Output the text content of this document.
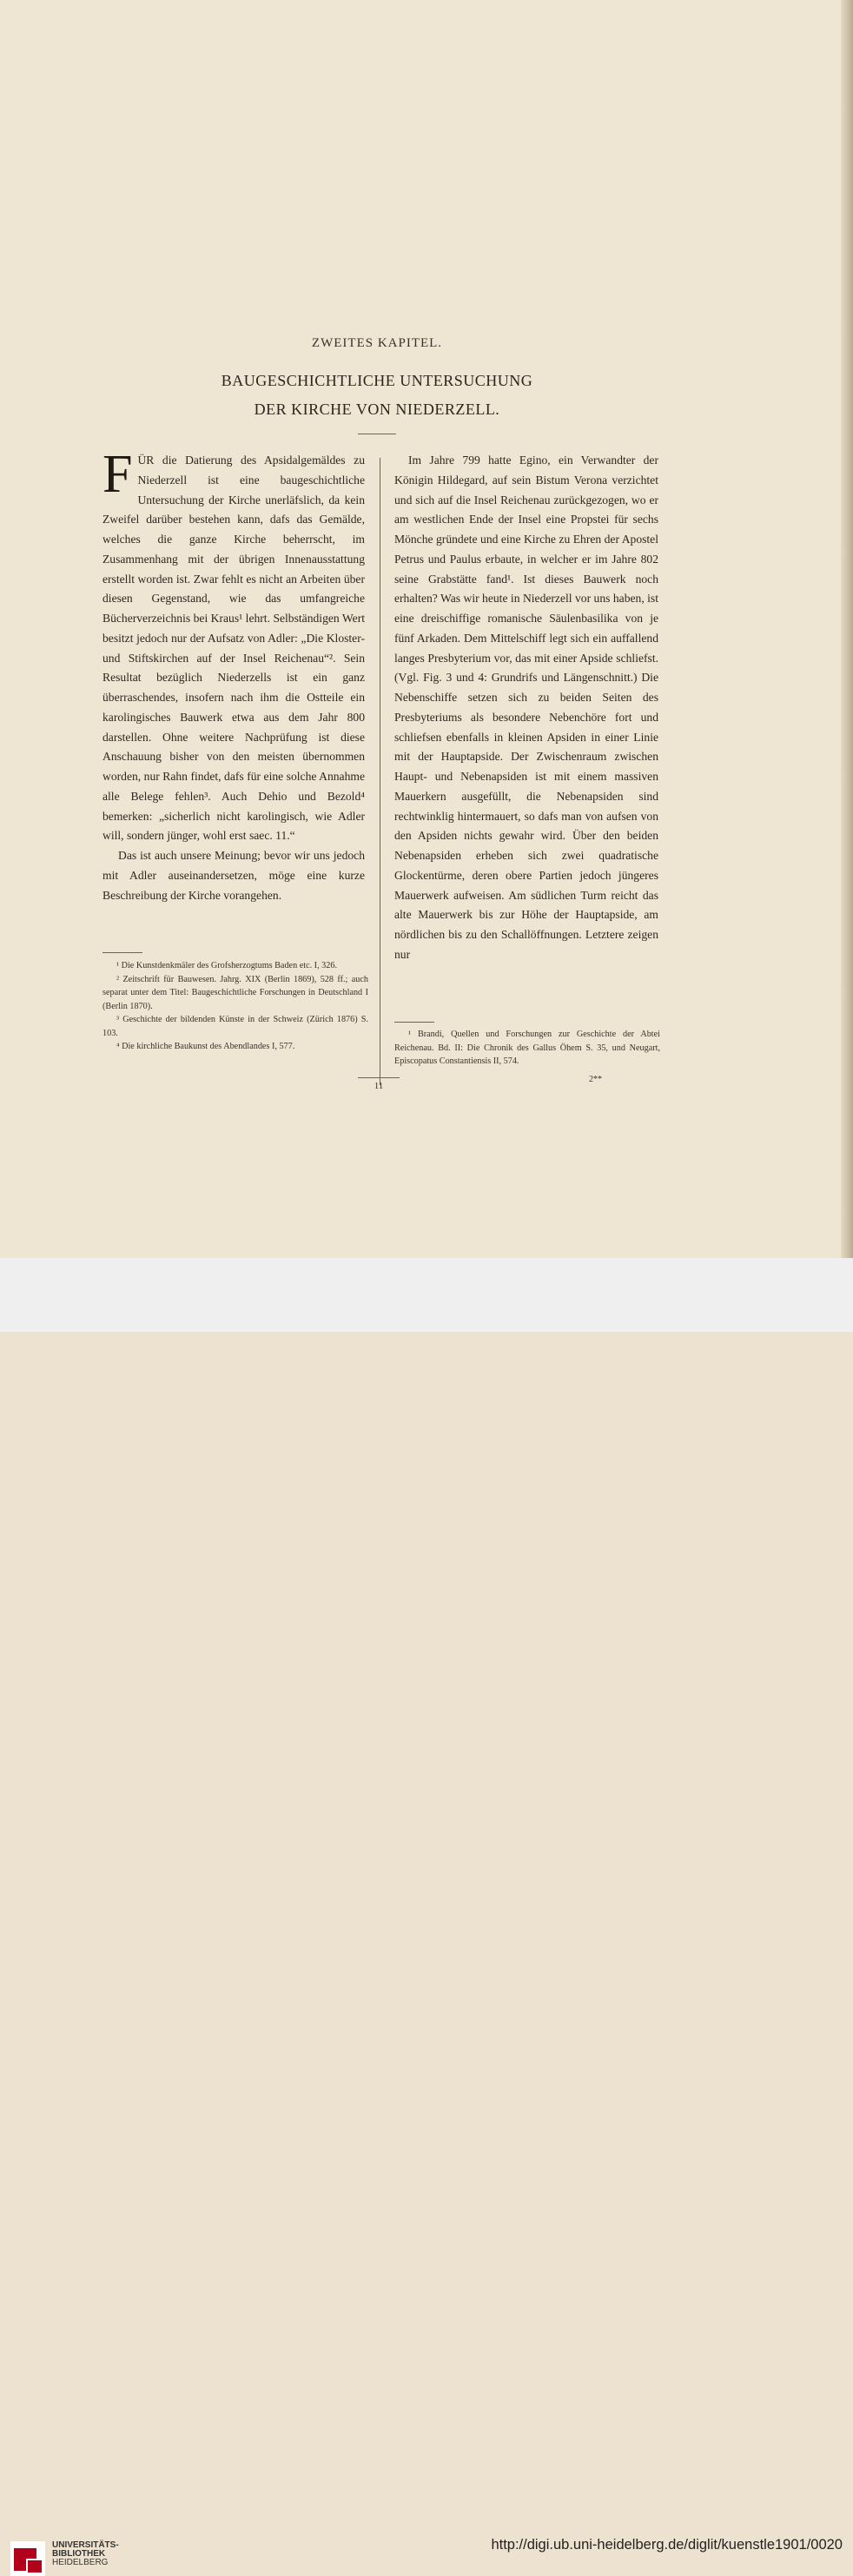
ZWEITES KAPITEL.
BAUGESCHICHTLICHE UNTERSUCHUNG
DER KIRCHE VON NIEDERZELL.
F ÜR die Datierung des Apsidalgemäldes zu Niederzell ist eine baugeschichtliche Untersuchung der Kirche unerläfslich, da kein Zweifel darüber bestehen kann, dafs das Gemälde, welches die ganze Kirche beherrscht, im Zusammenhang mit der übrigen Innenausstattung erstellt worden ist. Zwar fehlt es nicht an Arbeiten über diesen Gegenstand, wie das umfangreiche Bücherverzeichnis bei Kraus¹ lehrt. Selbständigen Wert besitzt jedoch nur der Aufsatz von Adler: „Die Kloster- und Stiftskirchen auf der Insel Reichenau“². Sein Resultat bezüglich Niederzells ist ein ganz überraschendes, insofern nach ihm die Ostteile ein karolingisches Bauwerk etwa aus dem Jahr 800 darstellen. Ohne weitere Nachprüfung ist diese Anschauung bisher von den meisten übernommen worden, nur Rahn findet, dafs für eine solche Annahme alle Belege fehlen³. Auch Dehio und Bezold⁴ bemerken: „sicherlich nicht karolingisch, wie Adler will, sondern jünger, wohl erst saec. 11.“

Das ist auch unsere Meinung; bevor wir uns jedoch mit Adler auseinandersetzen, möge eine kurze Beschreibung der Kirche vorangehen.

Im Jahre 799 hatte Egino, ein Verwandter der Königin Hildegard, auf sein Bistum Verona verzichtet und sich auf die Insel Reichenau zurückgezogen, wo er am westlichen Ende der Insel eine Propstei für sechs Mönche gründete und eine Kirche zu Ehren der Apostel Petrus und Paulus erbaute, in welcher er im Jahre 802 seine Grabstätte fand¹. Ist dieses Bauwerk noch erhalten? Was wir heute in Niederzell vor uns haben, ist eine dreischiffige romanische Säulenbasilika von je fünf Arkaden. Dem Mittelschiff legt sich ein auffallend langes Presbyterium vor, das mit einer Apside schliefst. (Vgl. Fig. 3 und 4: Grundrifs und Längenschnitt.) Die Nebenschiffe setzen sich zu beiden Seiten des Presbyteriums als besondere Nebenchöre fort und schliefsen ebenfalls in kleinen Apsiden in einer Linie mit der Hauptapside. Der Zwischenraum zwischen Haupt- und Nebenapsiden ist mit einem massiven Mauerkern ausgefüllt, die Nebenapsiden sind rechtwinklig hintermauert, so dafs man von aufsen von den Apsiden nichts gewahr wird. Über den beiden Nebenapsiden erheben sich zwei quadratische Glockentürme, deren obere Partien jedoch jüngeres Mauerwerk aufweisen. Am südlichen Turm reicht das alte Mauerwerk bis zur Höhe der Hauptapside, am nördlichen bis zu den Schallöffnungen. Letztere zeigen nur

¹ Die Kunstdenkmäler des Grofsherzogtums Baden etc. I, 326.

² Zeitschrift für Bauwesen. Jahrg. XIX (Berlin 1869), 528 ff.; auch separat unter dem Titel: Baugeschichtliche Forschungen in Deutschland I (Berlin 1870).

³ Geschichte der bildenden Künste in der Schweiz (Zürich 1876) S. 103.

⁴ Die kirchliche Baukunst des Abendlandes I, 577.

¹ Brandi, Quellen und Forschungen zur Geschichte der Abtei Reichenau. Bd. II: Die Chronik des Gallus Öhem S. 35, und Neugart, Episcopatus Constantiensis II, 574.

11
2**
UNIVERSITÄTS-
BIBLIOTHEK
HEIDELBERG
http://digi.ub.uni-heidelberg.de/diglit/kuenstle1901/0020
